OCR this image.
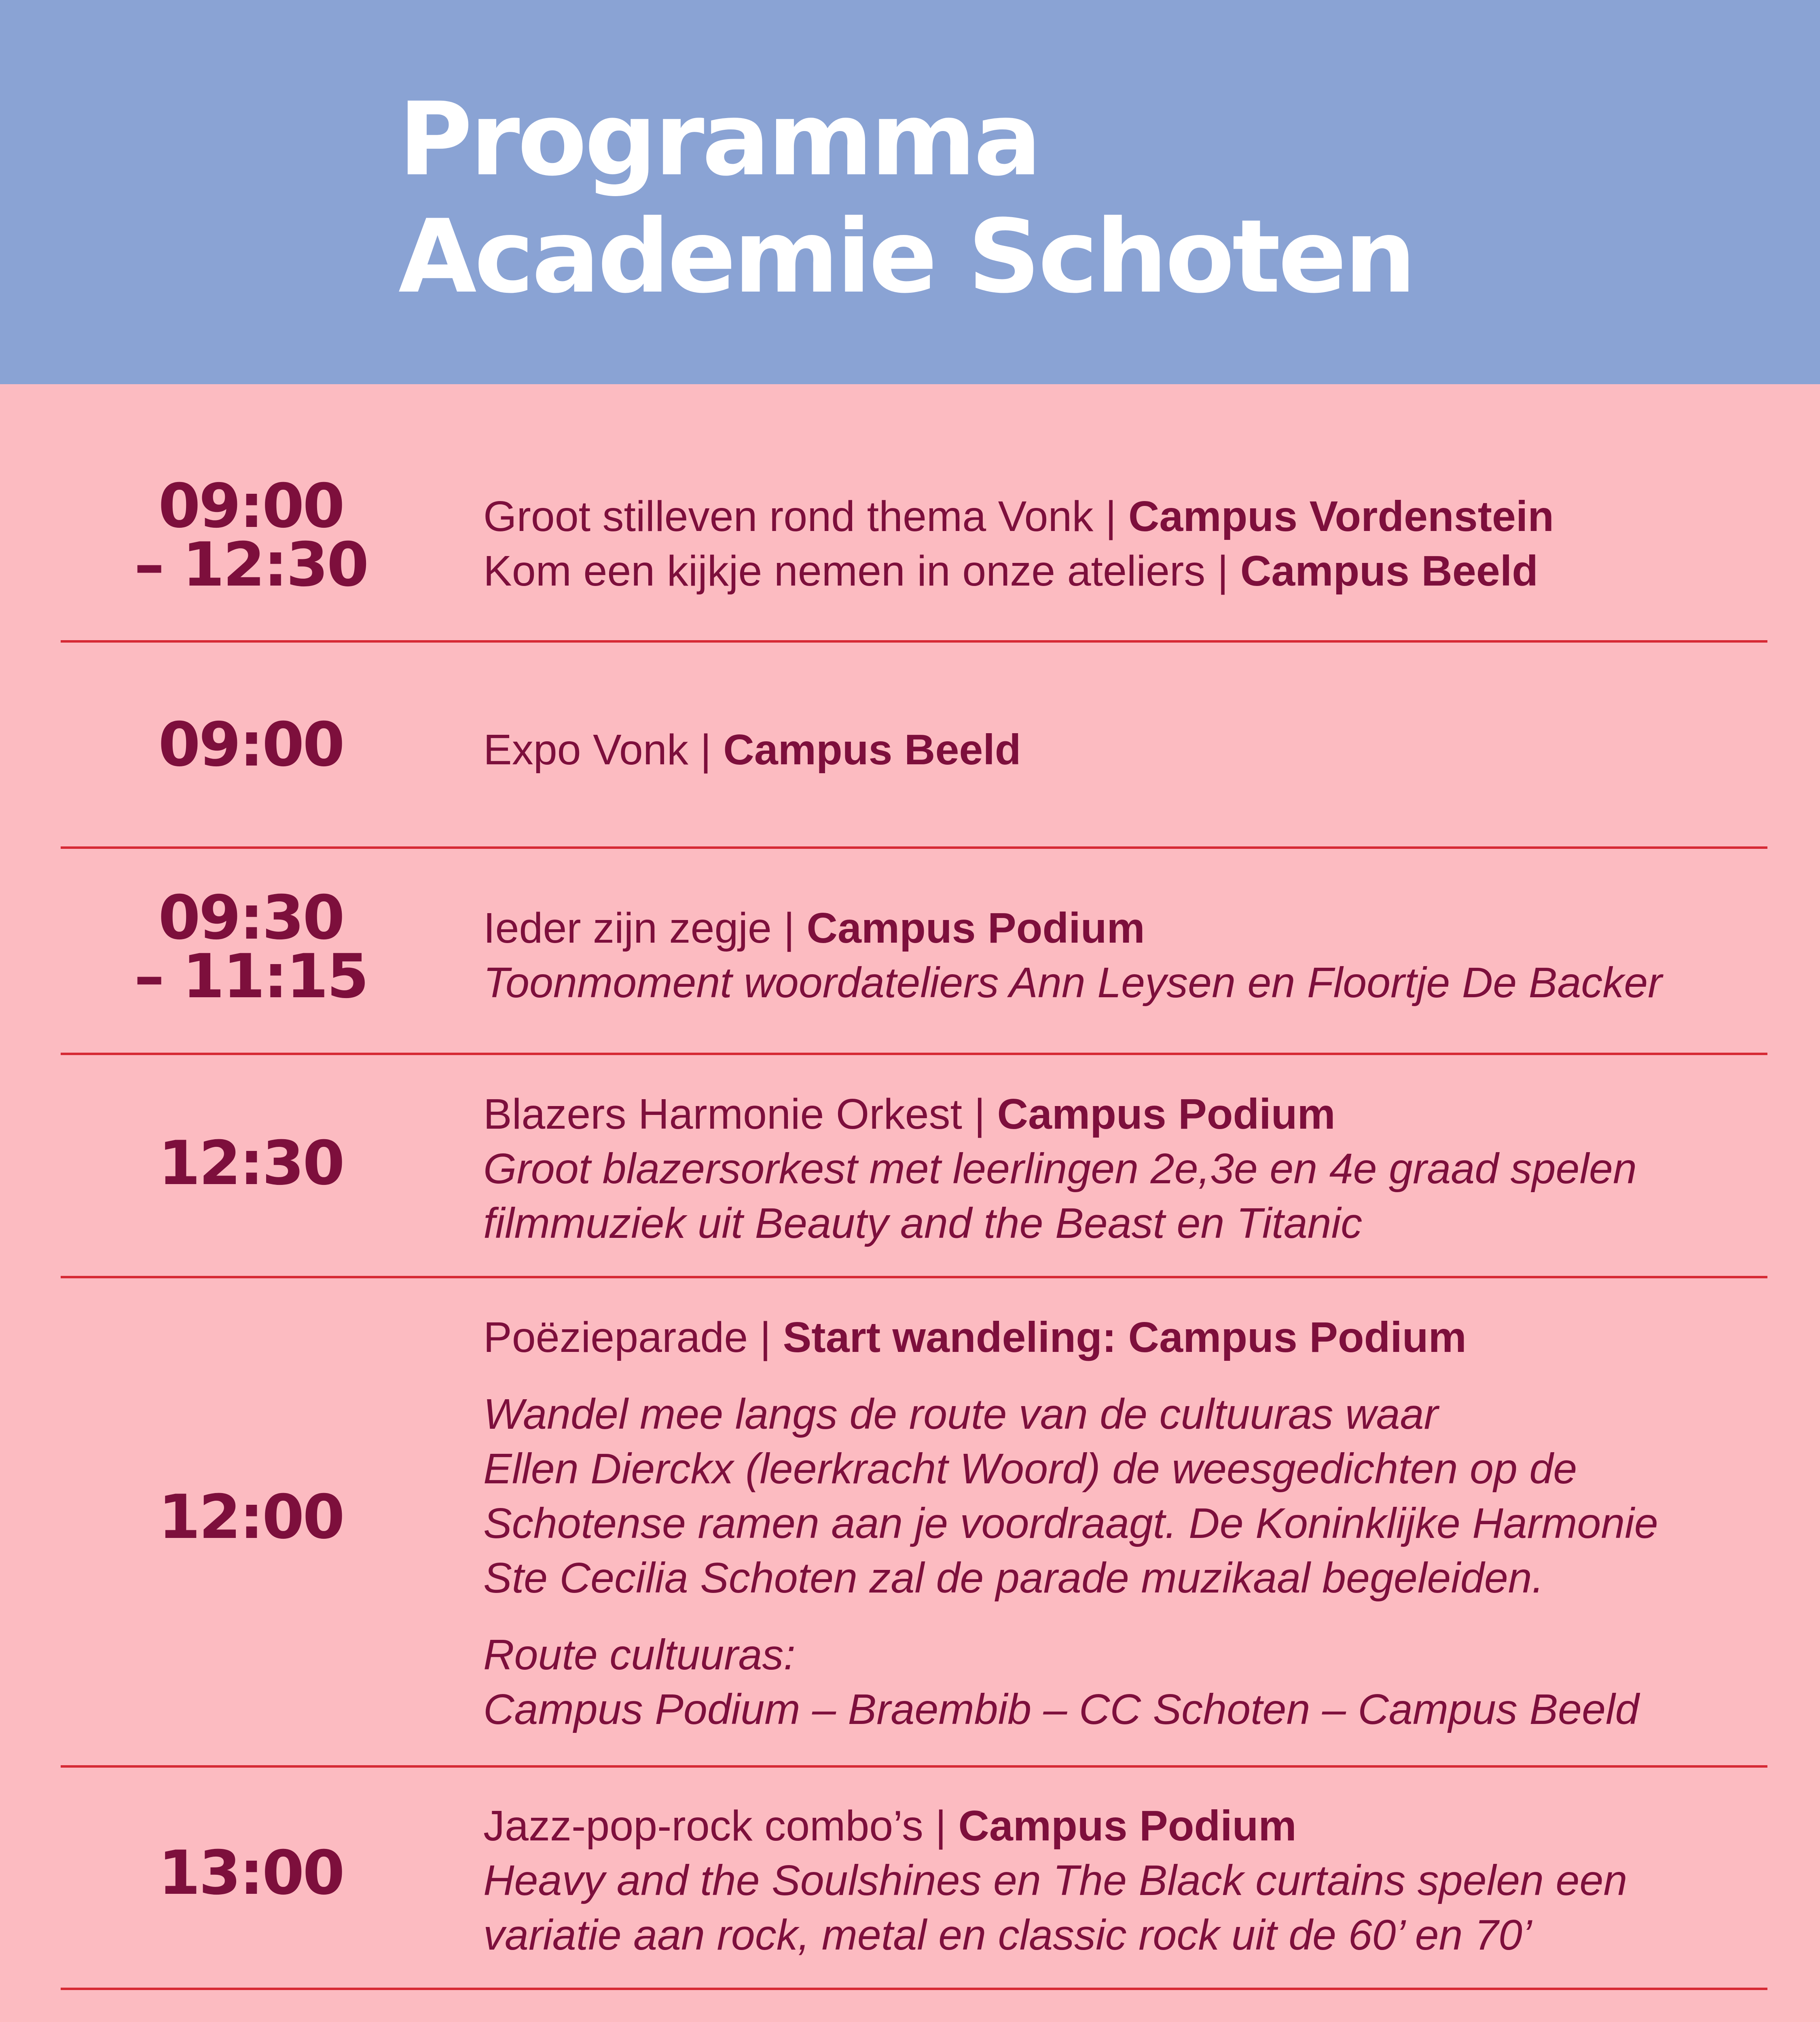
Programma
Academie Schoten
09:00
– 12:30
Groot stilleven rond thema Vonk | Campus Vordenstein
Kom een kijkje nemen in onze ateliers | Campus Beeld
09:00	Expo Vonk | Campus Beeld
09:30
– 11:15
Ieder zijn zegje | Campus Podium
Toonmoment woordateliers Ann Leysen en Floortje De Backer
12:30
Blazers Harmonie Orkest | Campus Podium
Groot blazersorkest met leerlingen 2e,3e en 4e graad spelen
filmmuziek uit Beauty and the Beast en Titanic
12:00
Poëzieparade | Start wandeling: Campus Podium
Wandel mee langs de route van de cultuuras waar
Ellen Dierckx (leerkracht Woord) de weesgedichten op de
Schotense ramen aan je voordraagt. De Koninklijke Harmonie
Ste Cecilia Schoten zal de parade muzikaal begeleiden.
Route cultuuras:
Campus Podium – Braembib – CC Schoten – Campus Beeld
13:00
Jazz-pop-rock combo’s | Campus Podium
Heavy and the Soulshines en The Black curtains spelen een
variatie aan rock, metal en classic rock uit de 60’ en 70’
